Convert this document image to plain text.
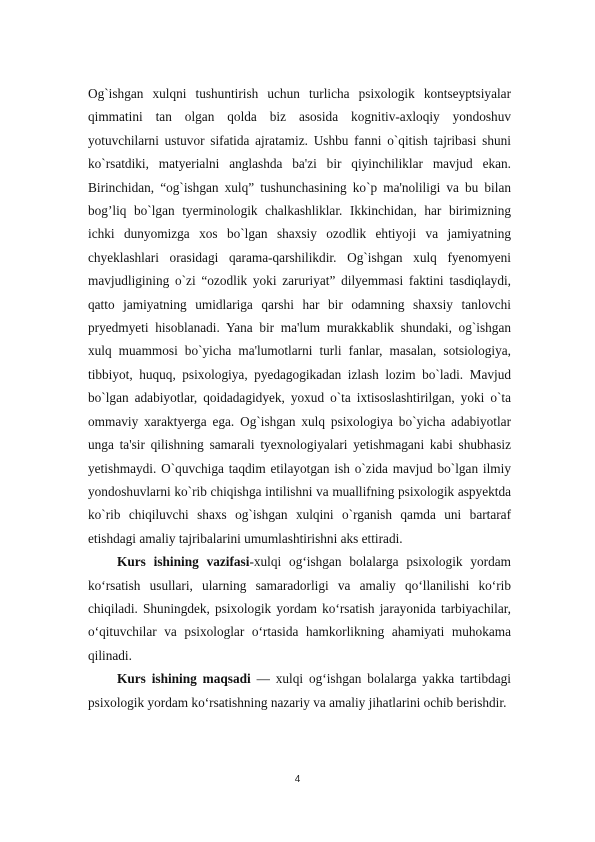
Og`ishgan xulqni tushuntirish uchun turlicha psixologik kontseyptsiyalar qimmatini tan olgan qolda biz asosida kognitiv-axloqiy yondoshuv yotuvchilarni ustuvor sifatida ajratamiz. Ushbu fanni o`qitish tajribasi shuni ko`rsatdiki, matyerialni anglashda ba'zi bir qiyinchiliklar mavjud ekan. Birinchidan, “og`ishgan xulq” tushunchasining ko`p ma'noliligi va bu bilan bog’liq bo`lgan tyerminologik chalkashliklar. Ikkinchidan, har birimizning ichki dunyomizga xos bo`lgan shaxsiy ozodlik ehtiyoji va jamiyatning chyeklashlari orasidagi qarama-qarshilikdir. Og`ishgan xulq fyenomyeni mavjudligining o`zi “ozodlik yoki zaruriyat” dilyemmasi faktini tasdiqlaydi, qatto jamiyatning umidlariga qarshi har bir odamning shaxsiy tanlovchi pryedmyeti hisoblanadi. Yana bir ma'lum murakkablik shundaki, og`ishgan xulq muammosi bo`yicha ma'lumotlarni turli fanlar, masalan, sotsiologiya, tibbiyot, huquq, psixologiya, pyedagogikadan izlash lozim bo`ladi. Mavjud bo`lgan adabiyotlar, qoidadagidyek, yoxud o`ta ixtisoslashtirilgan, yoki o`ta ommaviy xaraktyerga ega. Og`ishgan xulq psixologiya bo`yicha adabiyotlar unga ta'sir qilishning samarali tyexnologiyalari yetishmagani kabi shubhasiz yetishmaydi. O`quvchiga taqdim etilayotgan ish o`zida mavjud bo`lgan ilmiy yondoshuvlarni ko`rib chiqishga intilishni va muallifning psixologik aspyektda ko`rib chiqiluvchi shaxs og`ishgan xulqini o`rganish qamda uni bartaraf etishdagi amaliy tajribalarini umumlashtirishni aks ettiradi.

Kurs ishining vazifasi-xulqi og‘ishgan bolalarga psixologik yordam ko‘rsatish usullari, ularning samaradorligi va amaliy qo‘llanilishi ko‘rib chiqiladi. Shuningdek, psixologik yordam ko‘rsatish jarayonida tarbiyachilar, o‘qituvchilar va psixologlar o‘rtasida hamkorlikning ahamiyati muhokama qilinadi.

Kurs ishining maqsadi — xulqi og‘ishgan bolalarga yakka tartibdagi psixologik yordam ko‘rsatishning nazariy va amaliy jihatlarini ochib berishdir.

4
